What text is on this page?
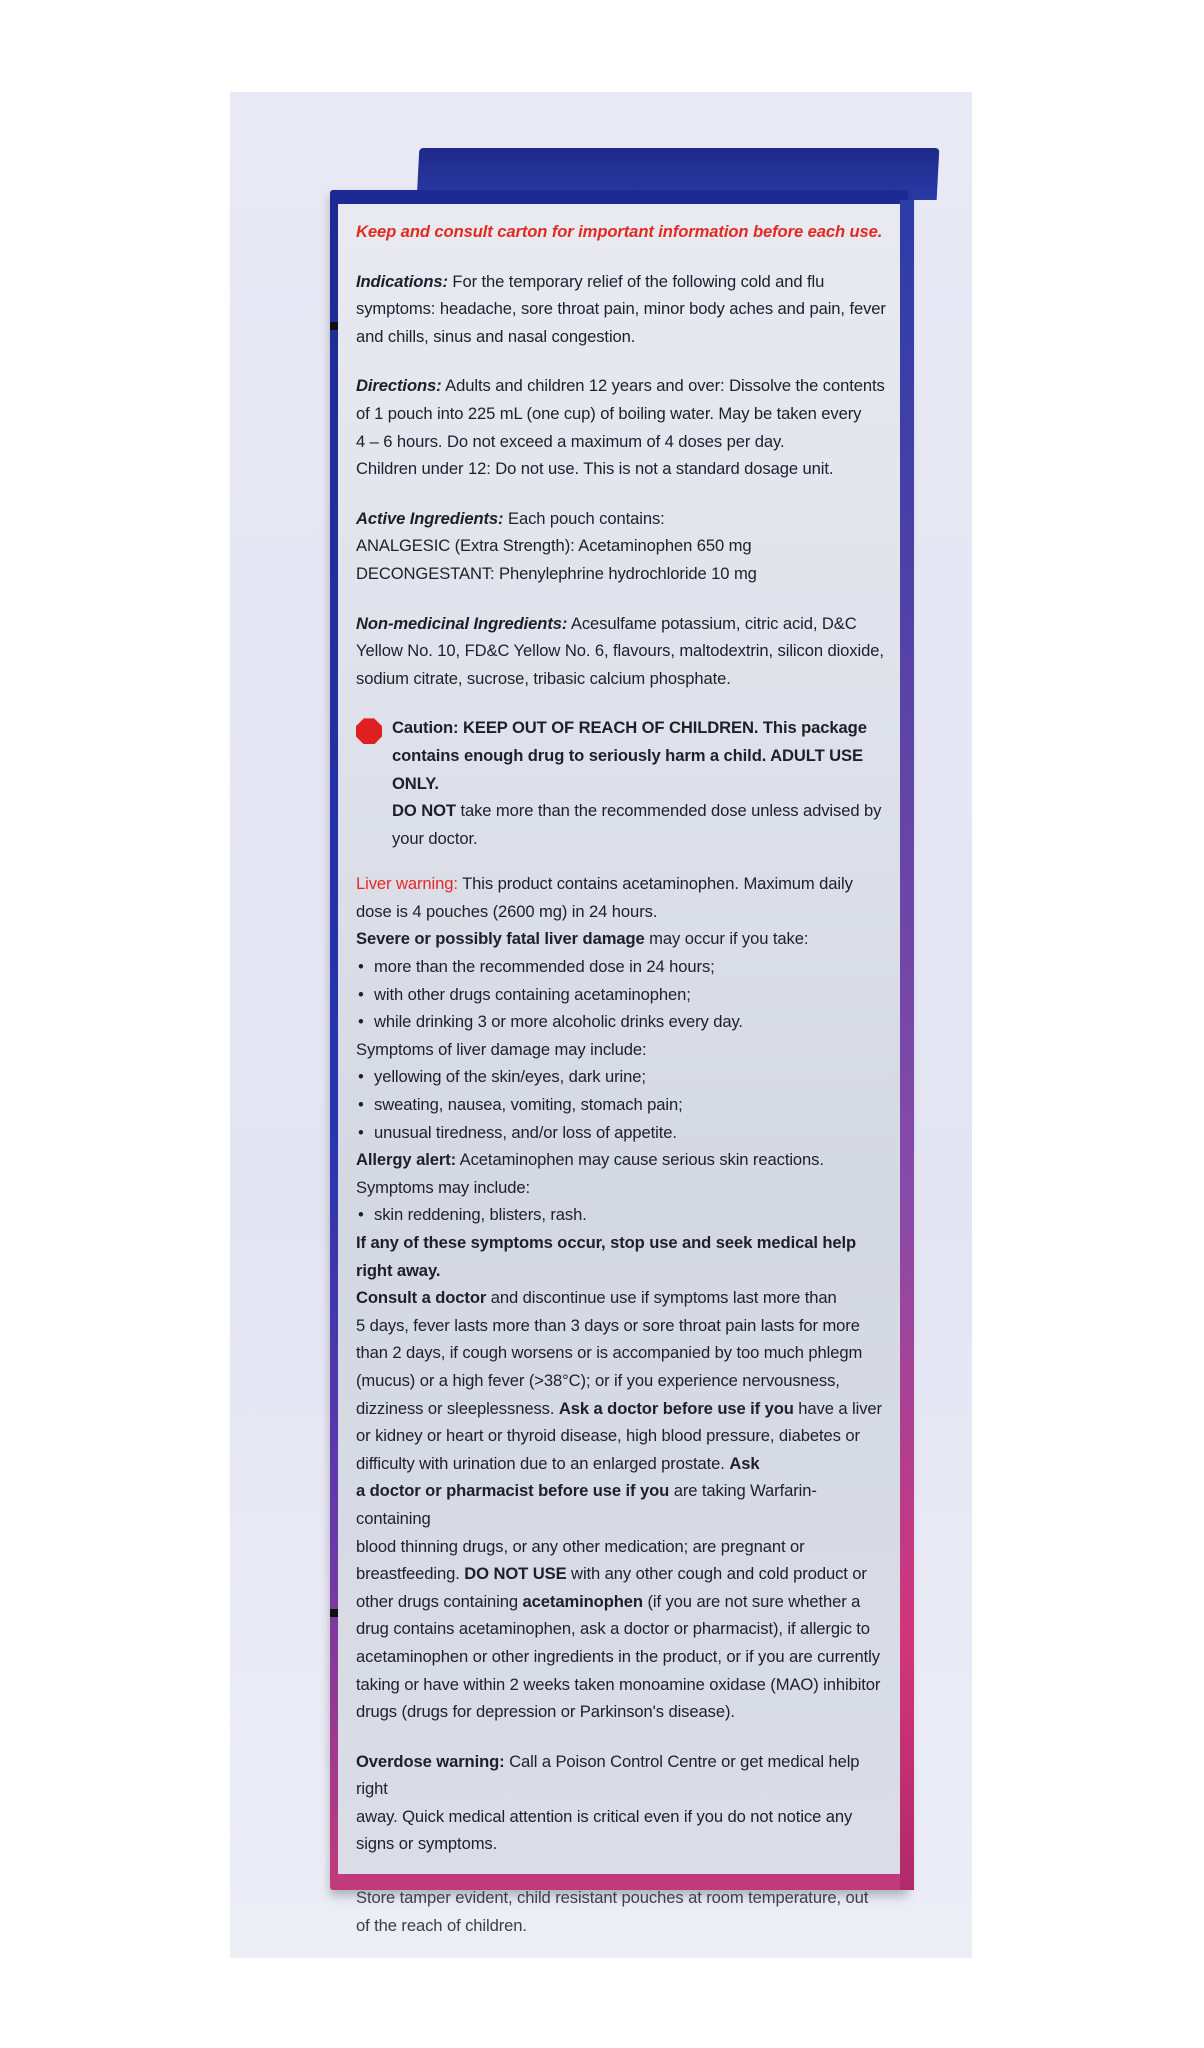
Keep and consult carton for important information before each use.

Indications: For the temporary relief of the following cold and flu
symptoms: headache, sore throat pain, minor body aches and pain, fever
and chills, sinus and nasal congestion.

Directions: Adults and children 12 years and over: Dissolve the contents
of 1 pouch into 225 mL (one cup) of boiling water. May be taken every
4 – 6 hours. Do not exceed a maximum of 4 doses per day.
Children under 12: Do not use. This is not a standard dosage unit.

Active Ingredients: Each pouch contains:
ANALGESIC (Extra Strength): Acetaminophen 650 mg
DECONGESTANT: Phenylephrine hydrochloride 10 mg

Non-medicinal Ingredients: Acesulfame potassium, citric acid, D&C
Yellow No. 10, FD&C Yellow No. 6, flavours, maltodextrin, silicon dioxide,
sodium citrate, sucrose, tribasic calcium phosphate.

Caution: KEEP OUT OF REACH OF CHILDREN. This package
contains enough drug to seriously harm a child. ADULT USE ONLY.
DO NOT take more than the recommended dose unless advised by
your doctor.
Liver warning: This product contains acetaminophen. Maximum daily
dose is 4 pouches (2600 mg) in 24 hours.
Severe or possibly fatal liver damage may occur if you take:
• more than the recommended dose in 24 hours;
• with other drugs containing acetaminophen;
• while drinking 3 or more alcoholic drinks every day.
Symptoms of liver damage may include:
• yellowing of the skin/eyes, dark urine;
• sweating, nausea, vomiting, stomach pain;
• unusual tiredness, and/or loss of appetite.
Allergy alert: Acetaminophen may cause serious skin reactions.
Symptoms may include:
• skin reddening, blisters, rash.
If any of these symptoms occur, stop use and seek medical help right away.
Consult a doctor and discontinue use if symptoms last more than
5 days, fever lasts more than 3 days or sore throat pain lasts for more
than 2 days, if cough worsens or is accompanied by too much phlegm
(mucus) or a high fever (>38°C); or if you experience nervousness,
dizziness or sleeplessness. Ask a doctor before use if you have a liver
or kidney or heart or thyroid disease, high blood pressure, diabetes or
difficulty with urination due to an enlarged prostate. Ask
a doctor or pharmacist before use if you are taking Warfarin-containing
blood thinning drugs, or any other medication; are pregnant or
breastfeeding. DO NOT USE with any other cough and cold product or
other drugs containing acetaminophen (if you are not sure whether a
drug contains acetaminophen, ask a doctor or pharmacist), if allergic to
acetaminophen or other ingredients in the product, or if you are currently
taking or have within 2 weeks taken monoamine oxidase (MAO) inhibitor
drugs (drugs for depression or Parkinson's disease).

Overdose warning: Call a Poison Control Centre or get medical help right
away. Quick medical attention is critical even if you do not notice any
signs or symptoms.

Store tamper evident, child resistant pouches at room temperature, out
of the reach of children.
